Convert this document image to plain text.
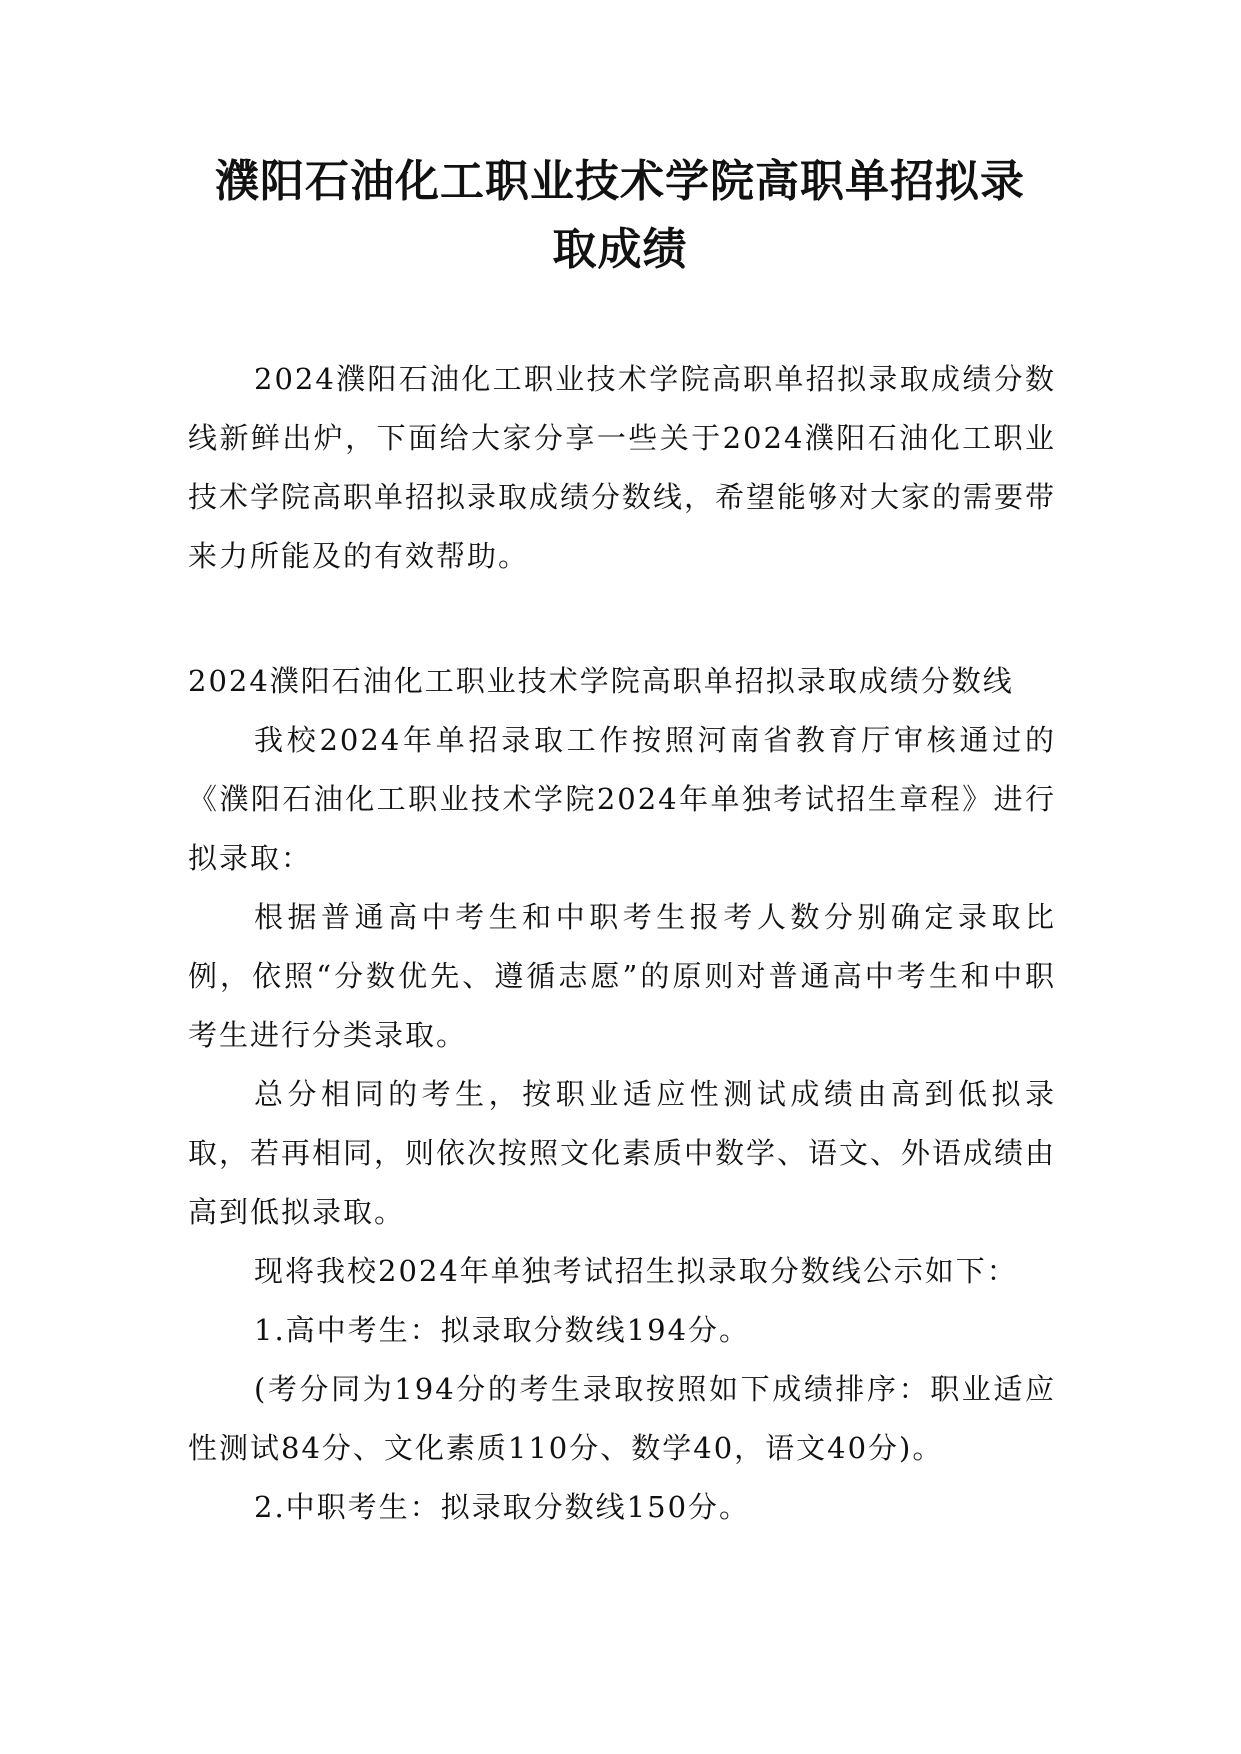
濮阳石油化工职业技术学院高职单招拟录
取成绩

2024濮阳石油化工职业技术学院高职单招拟录取成绩分数线新鲜出炉，下面给大家分享一些关于2024濮阳石油化工职业技术学院高职单招拟录取成绩分数线，希望能够对大家的需要带来力所能及的有效帮助。

2024濮阳石油化工职业技术学院高职单招拟录取成绩分数线

我校2024年单招录取工作按照河南省教育厅审核通过的《濮阳石油化工职业技术学院2024年单独考试招生章程》进行拟录取：

根据普通高中考生和中职考生报考人数分别确定录取比例，依照“分数优先、遵循志愿”的原则对普通高中考生和中职考生进行分类录取。

总分相同的考生，按职业适应性测试成绩由高到低拟录取，若再相同，则依次按照文化素质中数学、语文、外语成绩由高到低拟录取。

现将我校2024年单独考试招生拟录取分数线公示如下：

1.高中考生：拟录取分数线194分。

(考分同为194分的考生录取按照如下成绩排序：职业适应性测试84分、文化素质110分、数学40，语文40分)。

2.中职考生：拟录取分数线150分。
